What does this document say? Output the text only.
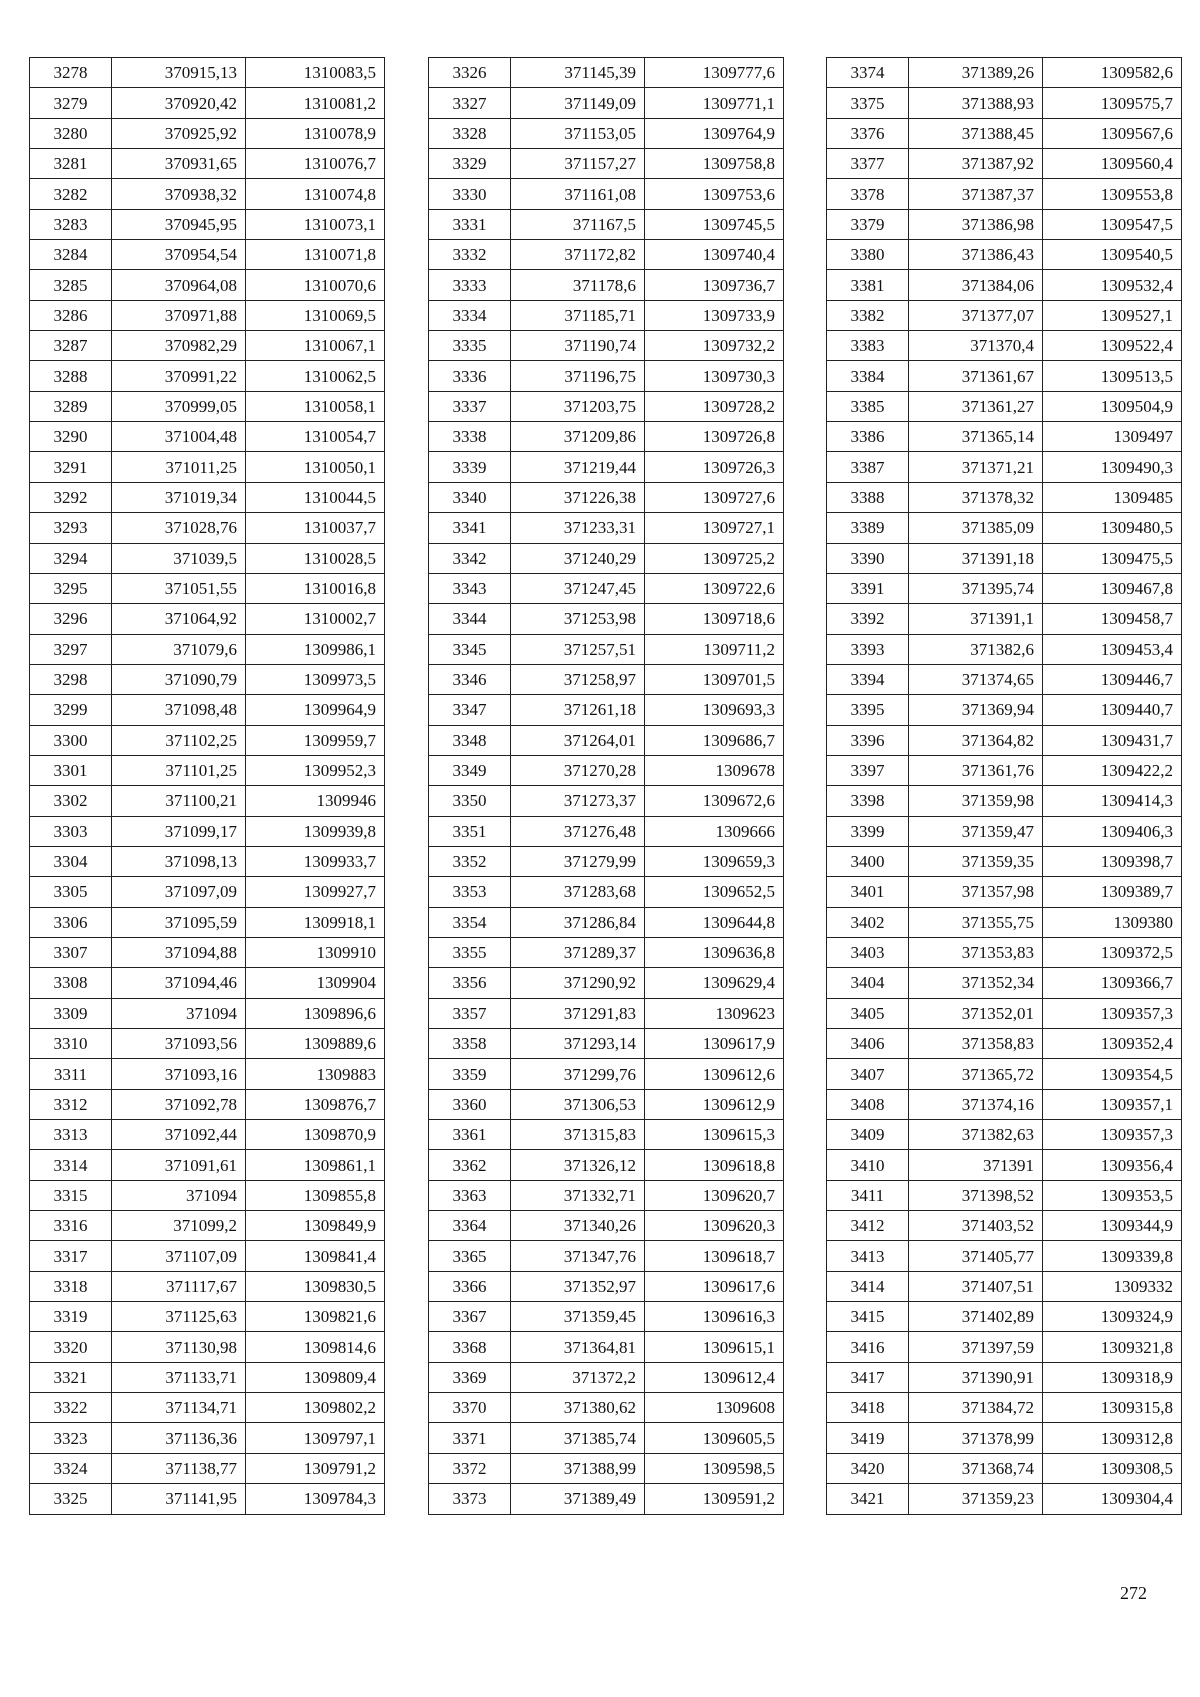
3278	370915,13	1310083,5
3279	370920,42	1310081,2
3280	370925,92	1310078,9
3281	370931,65	1310076,7
3282	370938,32	1310074,8
3283	370945,95	1310073,1
3284	370954,54	1310071,8
3285	370964,08	1310070,6
3286	370971,88	1310069,5
3287	370982,29	1310067,1
3288	370991,22	1310062,5
3289	370999,05	1310058,1
3290	371004,48	1310054,7
3291	371011,25	1310050,1
3292	371019,34	1310044,5
3293	371028,76	1310037,7
3294	371039,5	1310028,5
3295	371051,55	1310016,8
3296	371064,92	1310002,7
3297	371079,6	1309986,1
3298	371090,79	1309973,5
3299	371098,48	1309964,9
3300	371102,25	1309959,7
3301	371101,25	1309952,3
3302	371100,21	1309946
3303	371099,17	1309939,8
3304	371098,13	1309933,7
3305	371097,09	1309927,7
3306	371095,59	1309918,1
3307	371094,88	1309910
3308	371094,46	1309904
3309	371094	1309896,6
3310	371093,56	1309889,6
3311	371093,16	1309883
3312	371092,78	1309876,7
3313	371092,44	1309870,9
3314	371091,61	1309861,1
3315	371094	1309855,8
3316	371099,2	1309849,9
3317	371107,09	1309841,4
3318	371117,67	1309830,5
3319	371125,63	1309821,6
3320	371130,98	1309814,6
3321	371133,71	1309809,4
3322	371134,71	1309802,2
3323	371136,36	1309797,1
3324	371138,77	1309791,2
3325	371141,95	1309784,3
3326	371145,39	1309777,6
3327	371149,09	1309771,1
3328	371153,05	1309764,9
3329	371157,27	1309758,8
3330	371161,08	1309753,6
3331	371167,5	1309745,5
3332	371172,82	1309740,4
3333	371178,6	1309736,7
3334	371185,71	1309733,9
3335	371190,74	1309732,2
3336	371196,75	1309730,3
3337	371203,75	1309728,2
3338	371209,86	1309726,8
3339	371219,44	1309726,3
3340	371226,38	1309727,6
3341	371233,31	1309727,1
3342	371240,29	1309725,2
3343	371247,45	1309722,6
3344	371253,98	1309718,6
3345	371257,51	1309711,2
3346	371258,97	1309701,5
3347	371261,18	1309693,3
3348	371264,01	1309686,7
3349	371270,28	1309678
3350	371273,37	1309672,6
3351	371276,48	1309666
3352	371279,99	1309659,3
3353	371283,68	1309652,5
3354	371286,84	1309644,8
3355	371289,37	1309636,8
3356	371290,92	1309629,4
3357	371291,83	1309623
3358	371293,14	1309617,9
3359	371299,76	1309612,6
3360	371306,53	1309612,9
3361	371315,83	1309615,3
3362	371326,12	1309618,8
3363	371332,71	1309620,7
3364	371340,26	1309620,3
3365	371347,76	1309618,7
3366	371352,97	1309617,6
3367	371359,45	1309616,3
3368	371364,81	1309615,1
3369	371372,2	1309612,4
3370	371380,62	1309608
3371	371385,74	1309605,5
3372	371388,99	1309598,5
3373	371389,49	1309591,2
3374	371389,26	1309582,6
3375	371388,93	1309575,7
3376	371388,45	1309567,6
3377	371387,92	1309560,4
3378	371387,37	1309553,8
3379	371386,98	1309547,5
3380	371386,43	1309540,5
3381	371384,06	1309532,4
3382	371377,07	1309527,1
3383	371370,4	1309522,4
3384	371361,67	1309513,5
3385	371361,27	1309504,9
3386	371365,14	1309497
3387	371371,21	1309490,3
3388	371378,32	1309485
3389	371385,09	1309480,5
3390	371391,18	1309475,5
3391	371395,74	1309467,8
3392	371391,1	1309458,7
3393	371382,6	1309453,4
3394	371374,65	1309446,7
3395	371369,94	1309440,7
3396	371364,82	1309431,7
3397	371361,76	1309422,2
3398	371359,98	1309414,3
3399	371359,47	1309406,3
3400	371359,35	1309398,7
3401	371357,98	1309389,7
3402	371355,75	1309380
3403	371353,83	1309372,5
3404	371352,34	1309366,7
3405	371352,01	1309357,3
3406	371358,83	1309352,4
3407	371365,72	1309354,5
3408	371374,16	1309357,1
3409	371382,63	1309357,3
3410	371391	1309356,4
3411	371398,52	1309353,5
3412	371403,52	1309344,9
3413	371405,77	1309339,8
3414	371407,51	1309332
3415	371402,89	1309324,9
3416	371397,59	1309321,8
3417	371390,91	1309318,9
3418	371384,72	1309315,8
3419	371378,99	1309312,8
3420	371368,74	1309308,5
3421	371359,23	1309304,4
272
